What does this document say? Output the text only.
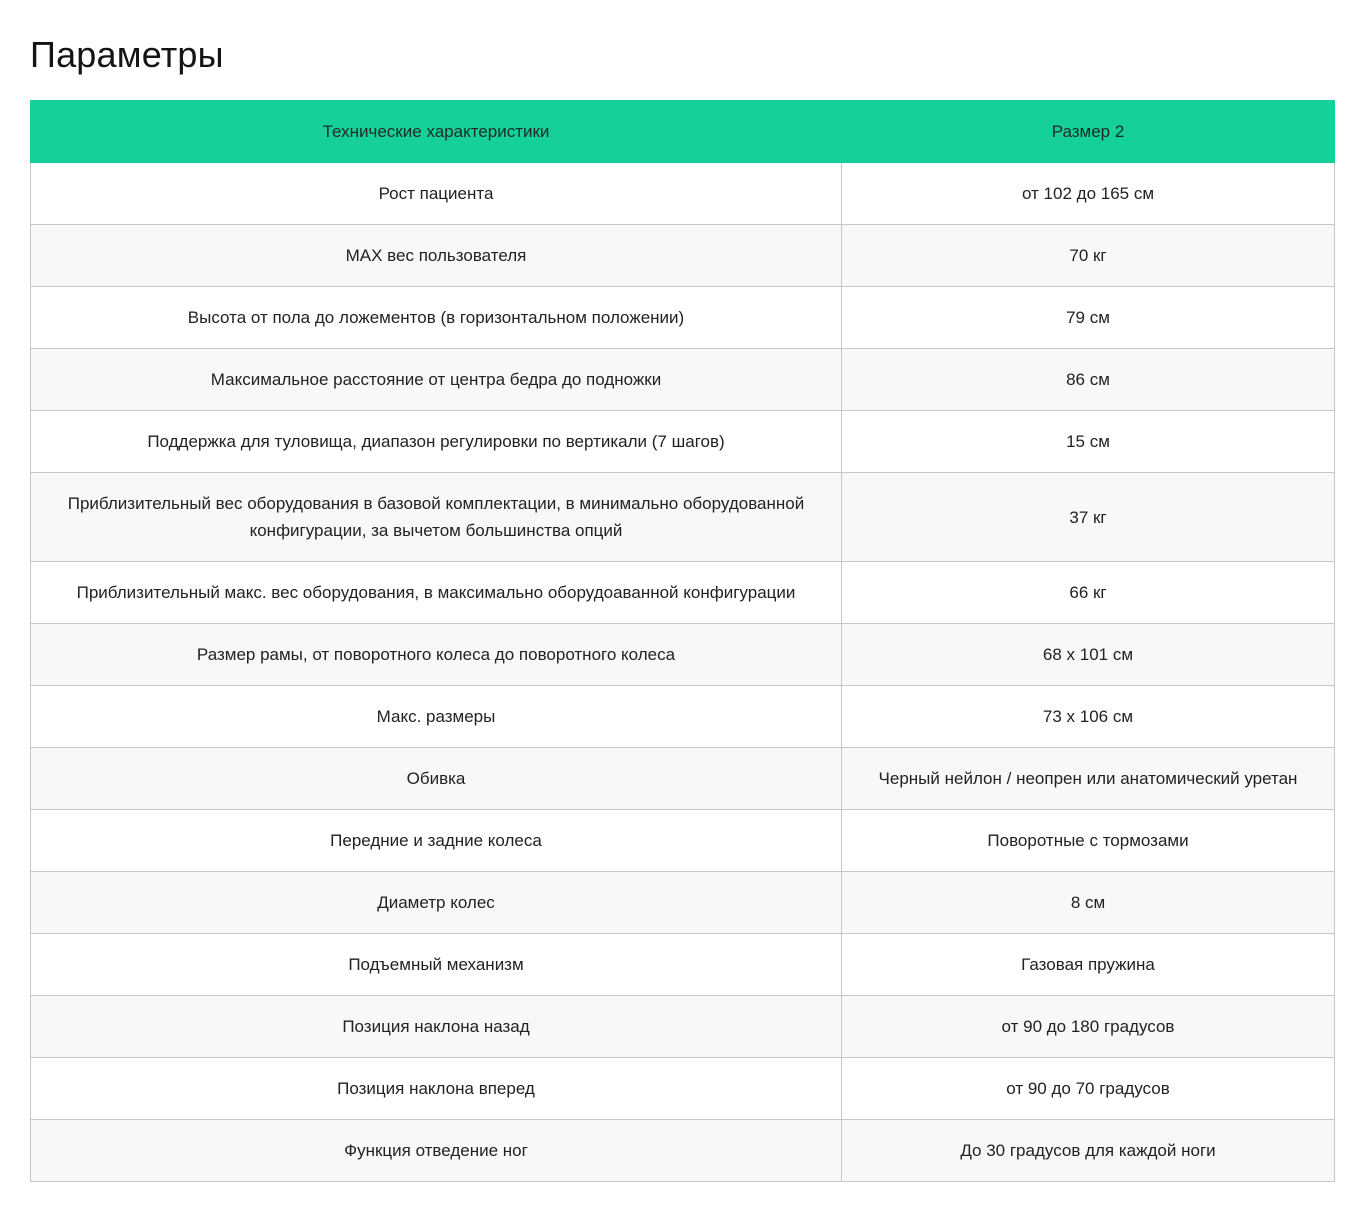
Параметры
Технические характеристики	Размер 2
Рост пациента	от 102 до 165 см
MAX вес пользователя	70 кг
Высота от пола до ложементов (в горизонтальном положении)	79 см
Максимальное расстояние от центра бедра до подножки	86 см
Поддержка для туловища, диапазон регулировки по вертикали (7 шагов)	15 см
Приблизительный вес оборудования в базовой комплектации, в минимально оборудованной конфигурации, за вычетом большинства опций	37 кг
Приблизительный макс. вес оборудования, в максимально оборудоаванной конфигурации	66 кг
Размер рамы, от поворотного колеса до поворотного колеса	68 x 101 см
Макс. размеры	73 x 106 см
Обивка	Черный нейлон / неопрен или анатомический уретан
Передние и задние колеса	Поворотные с тормозами
Диаметр колес	8 см
Подъемный механизм	Газовая пружина
Позиция наклона назад	от 90 до 180 градусов
Позиция наклона вперед	от 90 до 70 градусов
Функция отведение ног	До 30 градусов для каждой ноги
